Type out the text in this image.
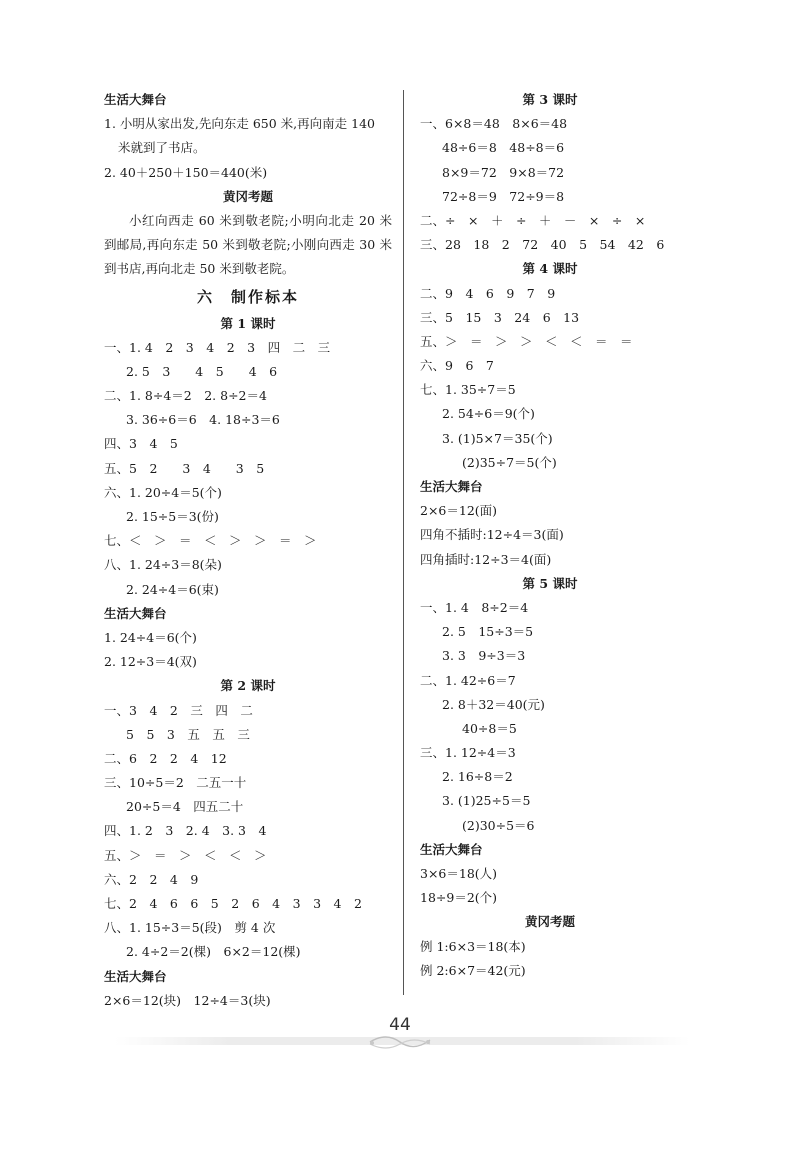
生活大舞台
1. 小明从家出发,先向东走 650 米,再向南走 140
米就到了书店。
2. 40＋250＋150＝440(米)
黄冈考题
小红向西走 60 米到敬老院;小明向北走 20 米到邮局,再向东走 50 米到敬老院;小刚向西走 30 米到书店,再向北走 50 米到敬老院。
六　制作标本
第 1 课时
一、1. 4　2　3　4　2　3　四　二　三
2. 5　3　　4　5　　4　6
二、1. 8÷4＝2　2. 8÷2＝4
3. 36÷6＝6　4. 18÷3＝6
四、3　4　5
五、5　2　　3　4　　3　5
六、1. 20÷4＝5(个)
2. 15÷5＝3(份)
七、＜　＞　＝　＜　＞　＞　＝　＞
八、1. 24÷3＝8(朵)
2. 24÷4＝6(束)
生活大舞台
1. 24÷4＝6(个)
2. 12÷3＝4(双)
第 2 课时
一、3　4　2　三　四　二
5　5　3　五　五　三
二、6　2　2　4　12
三、10÷5＝2　二五一十
20÷5＝4　四五二十
四、1. 2　3　2. 4　3. 3　4
五、＞　＝　＞　＜　＜　＞
六、2　2　4　9
七、2　4　6　6　5　2　6　4　3　3　4　2
八、1. 15÷3＝5(段)　剪 4 次
2. 4÷2＝2(棵)　6×2＝12(棵)
生活大舞台
2×6＝12(块)　12÷4＝3(块)
第 3 课时
一、6×8＝48　8×6＝48
48÷6＝8　48÷8＝6
8×9＝72　9×8＝72
72÷8＝9　72÷9＝8
二、÷　×　＋　÷　＋　－　×　÷　×
三、28　18　2　72　40　5　54　42　6
第 4 课时
二、9　4　6　9　7　9
三、5　15　3　24　6　13
五、＞　＝　＞　＞　＜　＜　＝　＝
六、9　6　7
七、1. 35÷7＝5
2. 54÷6＝9(个)
3. (1)5×7＝35(个)
(2)35÷7＝5(个)
生活大舞台
2×6＝12(面)
四角不插时:12÷4＝3(面)
四角插时:12÷3＝4(面)
第 5 课时
一、1. 4　8÷2＝4
2. 5　15÷3＝5
3. 3　9÷3＝3
二、1. 42÷6＝7
2. 8＋32＝40(元)
40÷8＝5
三、1. 12÷4＝3
2. 16÷8＝2
3. (1)25÷5＝5
(2)30÷5＝6
生活大舞台
3×6＝18(人)
18÷9＝2(个)
黄冈考题
例 1:6×3＝18(本)
例 2:6×7＝42(元)
44
